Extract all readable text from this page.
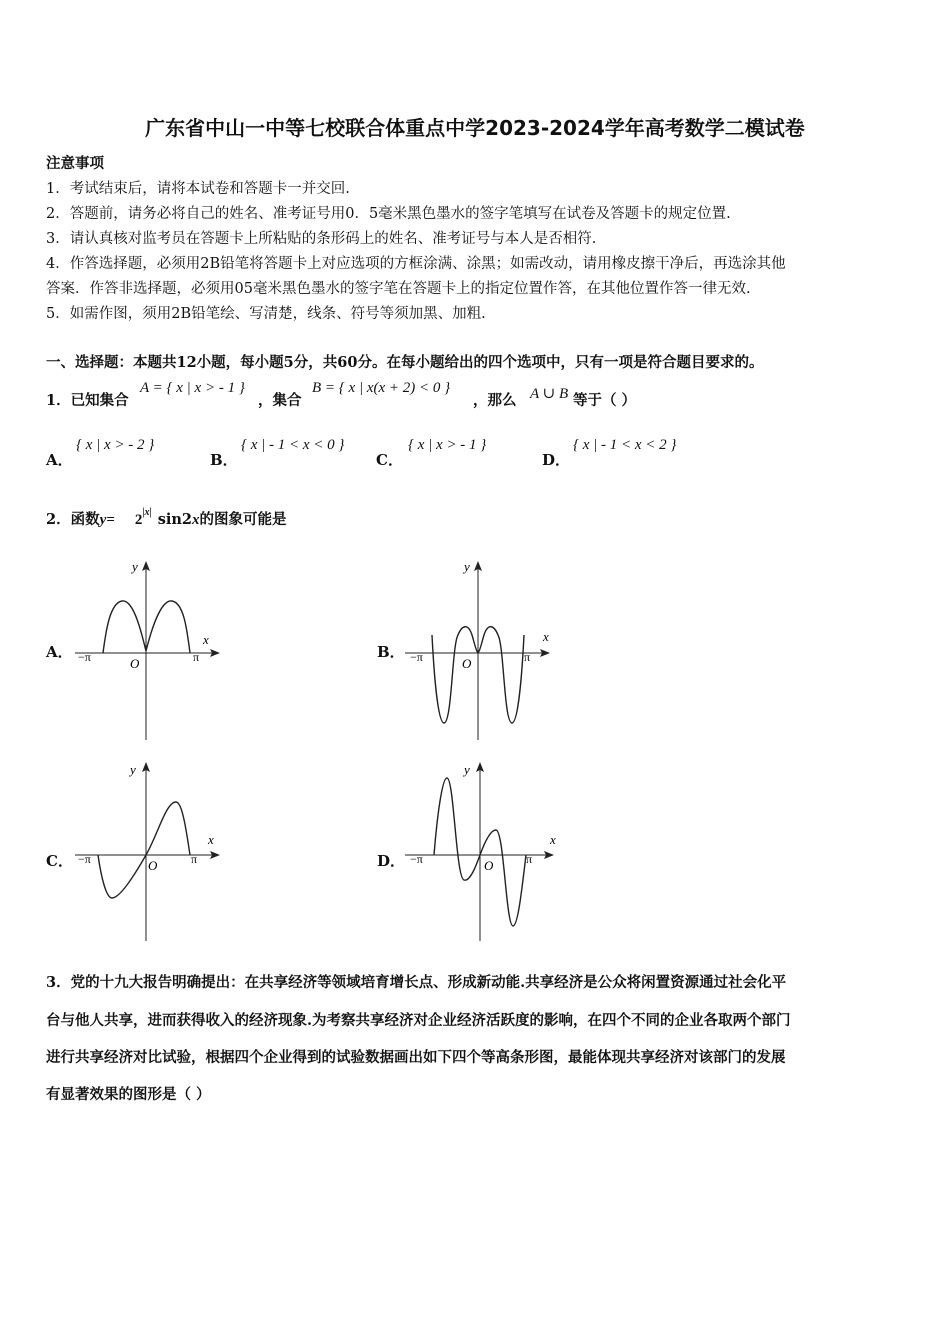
广东省中山一中等七校联合体重点中学2023-2024学年高考数学二模试卷
注意事项
1．考试结束后，请将本试卷和答题卡一并交回.
2．答题前，请务必将自己的姓名、准考证号用0．5毫米黑色墨水的签字笔填写在试卷及答题卡的规定位置.
3．请认真核对监考员在答题卡上所粘贴的条形码上的姓名、准考证号与本人是否相符.
4．作答选择题，必须用2B铅笔将答题卡上对应选项的方框涂满、涂黑；如需改动，请用橡皮擦干净后，再选涂其他
答案．作答非选择题，必须用05毫米黑色墨水的签字笔在答题卡上的指定位置作答，在其他位置作答一律无效.
5．如需作图，须用2B铅笔绘、写清楚，线条、符号等须加黑、加粗.
一、选择题：本题共12小题，每小题5分，共60分。在每小题给出的四个选项中，只有一项是符合题目要求的。
1．已知集合
A = { x | x > - 1 }
，集合
B = { x | x(x + 2) < 0 }
，那么 A ∪ B 等于（ ）
A．
{ x | x > - 2 }
B．
{ x | - 1 < x < 0 }
C．
{ x | x > - 1 }
D．
{ x | - 1 < x < 2 }
2．函数$y= 2^{|x|}$ sin2x的图象可能是
A．	B．
C．	D．
y
x
O
−π	π
y
x
O
−π	π
y
x
O
−π	π
y
x
O
−π	π
3．党的十九大报告明确提出：在共享经济等领域培育增长点、形成新动能.共享经济是公众将闲置资源通过社会化平
台与他人共享，进而获得收入的经济现象.为考察共享经济对企业经济活跃度的影响，在四个不同的企业各取两个部门
进行共享经济对比试验，根据四个企业得到的试验数据画出如下四个等高条形图，最能体现共享经济对该部门的发展
有显著效果的图形是（ ）
